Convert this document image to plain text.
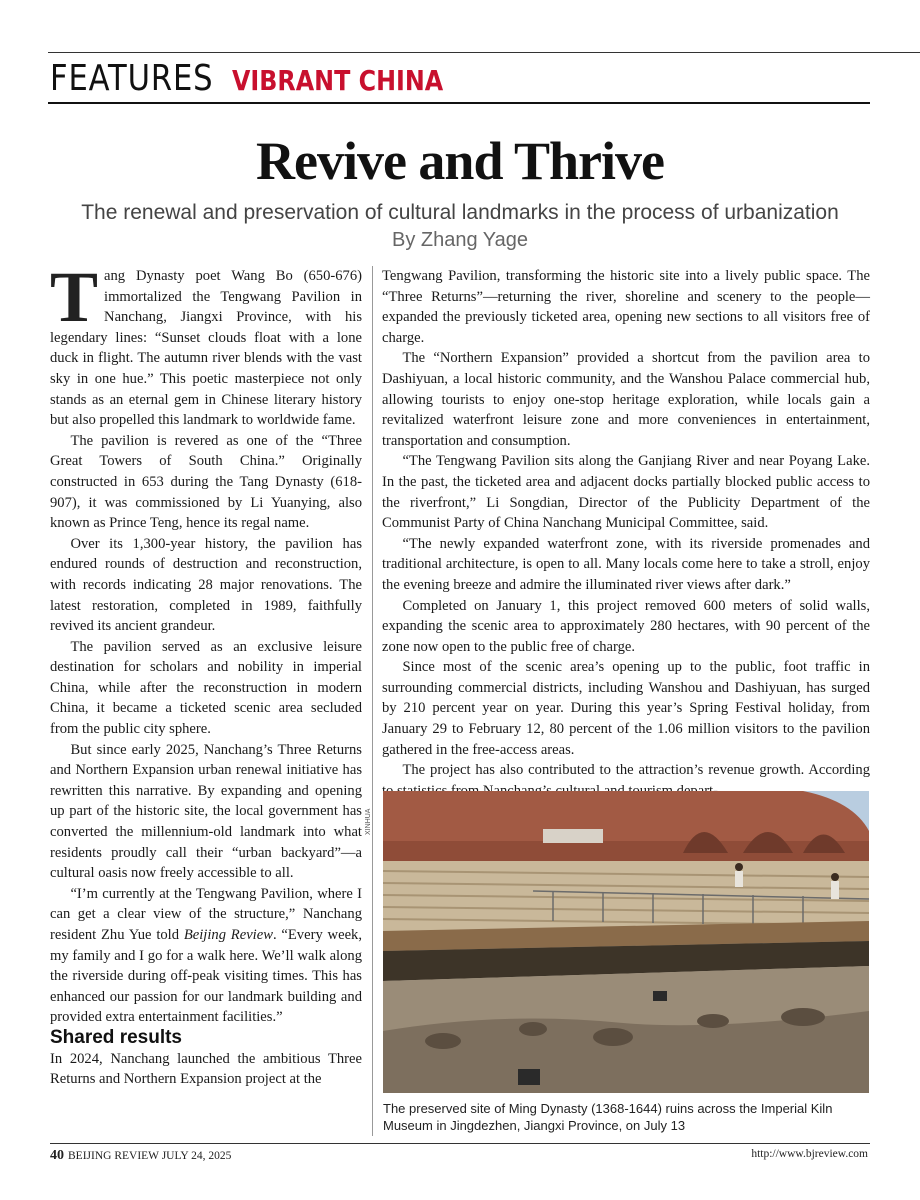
FEATURES VIBRANT CHINA
Revive and Thrive
The renewal and preservation of cultural landmarks in the process of urbanization
By Zhang Yage

Tang Dynasty poet Wang Bo (650-676) immortalized the Tengwang Pavilion in Nanchang, Jiangxi Province, with his legendary lines: “Sunset clouds float with a lone duck in flight. The autumn river blends with the vast sky in one hue.” This poetic masterpiece not only stands as an eternal gem in Chinese literary history but also propelled this landmark to worldwide fame.

The pavilion is revered as one of the “Three Great Towers of South China.” Originally constructed in 653 during the Tang Dynasty (618-907), it was commissioned by Li Yuanying, also known as Prince Teng, hence its regal name.

Over its 1,300-year history, the pavilion has endured rounds of destruction and reconstruction, with records indicating 28 major renovations. The latest restoration, completed in 1989, faithfully revived its ancient grandeur.

The pavilion served as an exclusive leisure destination for scholars and nobility in imperial China, while after the reconstruction in modern China, it became a ticketed scenic area secluded from the public city sphere.

But since early 2025, Nanchang’s Three Returns and Northern Expansion urban renewal initiative has rewritten this narrative. By expanding and opening up part of the historic site, the local government has converted the millennium-old landmark into what residents proudly call their “urban backyard”—a cultural oasis now freely accessible to all.

“I’m currently at the Tengwang Pavilion, where I can get a clear view of the structure,” Nanchang resident Zhu Yue told Beijing Review. “Every week, my family and I go for a walk here. We’ll walk along the riverside during off-peak visiting times. This has enhanced our passion for our landmark building and provided extra entertainment facilities.”

Shared results

In 2024, Nanchang launched the ambitious Three Returns and Northern Expansion project at the

Tengwang Pavilion, transforming the historic site into a lively public space. The “Three Returns”—returning the river, shoreline and scenery to the people—expanded the previously ticketed area, opening new sections to all visitors free of charge.

The “Northern Expansion” provided a shortcut from the pavilion area to Dashiyuan, a local historic community, and the Wanshou Palace commercial hub, allowing tourists to enjoy one-stop heritage exploration, while locals gain a revitalized waterfront leisure zone and more conveniences in entertainment, transportation and consumption.

“The Tengwang Pavilion sits along the Ganjiang River and near Poyang Lake. In the past, the ticketed area and adjacent docks partially blocked public access to the riverfront,” Li Songdian, Director of the Publicity Department of the Communist Party of China Nanchang Municipal Committee, said.

“The newly expanded waterfront zone, with its riverside promenades and traditional architecture, is open to all. Many locals come here to take a stroll, enjoy the evening breeze and admire the illuminated river views after dark.”

Completed on January 1, this project removed 600 meters of solid walls, expanding the scenic area to approximately 280 hectares, with 90 percent of the zone now open to the public free of charge.

Since most of the scenic area’s opening up to the public, foot traffic in surrounding commercial districts, including Wanshou and Dashiyuan, has surged by 210 percent year on year. During this year’s Spring Festival holiday, from January 29 to February 12, 80 percent of the 1.06 million visitors to the pavilion gathered in the free-access areas.

The project has also contributed to the attraction’s revenue growth. According

XINHUA
The preserved site of Ming Dynasty (1368-1644) ruins across the Imperial Kiln Museum in Jingdezhen, Jiangxi Province, on July 13
40 BEIJING REVIEW JULY 24, 2025	http://www.bjreview.com
